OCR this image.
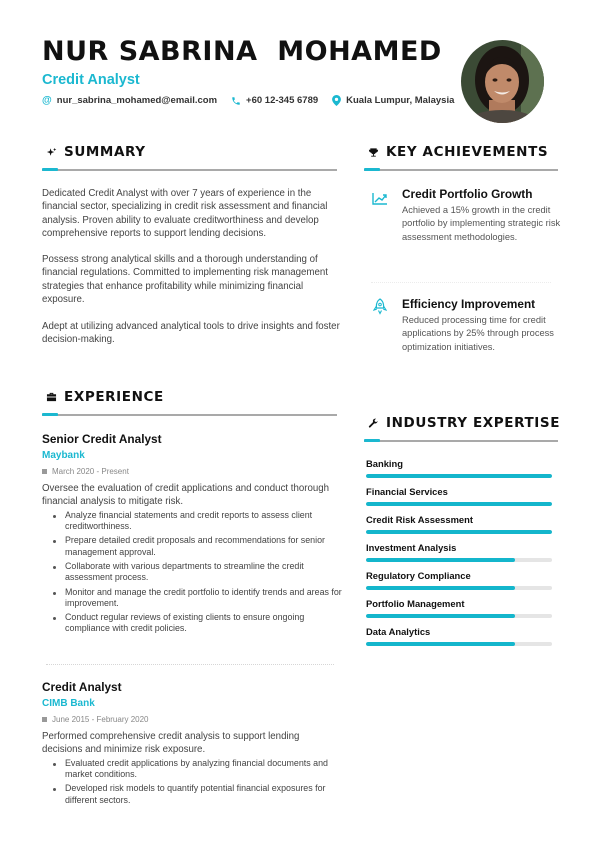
NUR SABRINA  MOHAMED
Credit Analyst
@ nur_sabrina_mohamed@email.com	+60 12-345 6789	Kuala Lumpur, Malaysia
SUMMARY
Dedicated Credit Analyst with over 7 years of experience in the financial sector, specializing in credit risk assessment and financial analysis. Proven ability to evaluate creditworthiness and develop comprehensive reports to support lending decisions.
Possess strong analytical skills and a thorough understanding of financial regulations. Committed to implementing risk management strategies that enhance profitability while minimizing financial exposure.
Adept at utilizing advanced analytical tools to drive insights and foster decision-making.
EXPERIENCE
Senior Credit Analyst
Maybank
March 2020 - Present
Oversee the evaluation of credit applications and conduct thorough financial analysis to mitigate risk.
Analyze financial statements and credit reports to assess client creditworthiness.
Prepare detailed credit proposals and recommendations for senior management approval.
Collaborate with various departments to streamline the credit assessment process.
Monitor and manage the credit portfolio to identify trends and areas for improvement.
Conduct regular reviews of existing clients to ensure ongoing compliance with credit policies.
Credit Analyst
CIMB Bank
June 2015 - February 2020
Performed comprehensive credit analysis to support lending decisions and minimize risk exposure.
Evaluated credit applications by analyzing financial documents and market conditions.
Developed risk models to quantify potential financial exposures for different sectors.
KEY ACHIEVEMENTS
Credit Portfolio Growth
Achieved a 15% growth in the credit portfolio by implementing strategic risk assessment methodologies.
Efficiency Improvement
Reduced processing time for credit applications by 25% through process optimization initiatives.
INDUSTRY EXPERTISE
Banking
Financial Services
Credit Risk Assessment
Investment Analysis
Regulatory Compliance
Portfolio Management
Data Analytics
